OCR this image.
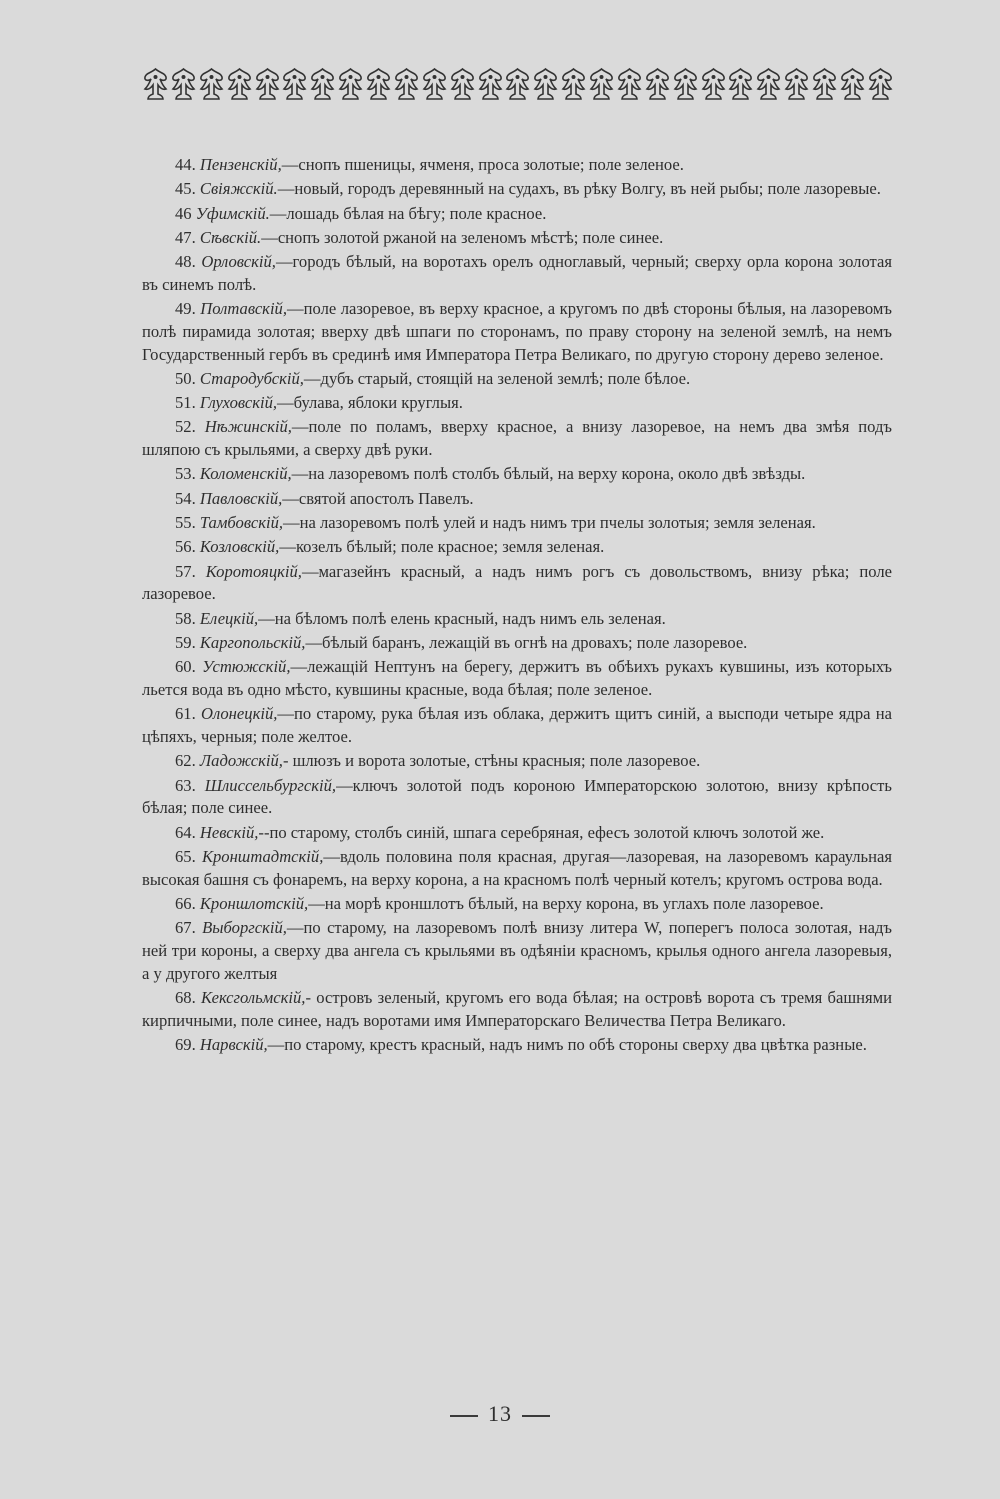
44. Пензенскій,—снопъ пшеницы, ячменя, проса золотые; поле зеленое.

45. Свіяжскій.—новый, городъ деревянный на судахъ, въ рѣку Волгу, въ ней рыбы; поле лазоревые.

46 Уфимскій.—лошадь бѣлая на бѣгу; поле красное.

47. Сѣвскій.—снопъ золотой ржаной на зеленомъ мѣстѣ; поле синее.

48. Орловскій,—городъ бѣлый, на воротахъ орелъ одноглавый, черный; сверху орла корона золотая въ синемъ полѣ.

49. Полтавскій,—поле лазоревое, въ верху красное, а кругомъ по двѣ стороны бѣлыя, на лазоревомъ полѣ пирамида золотая; вверху двѣ шпаги по сторонамъ, по праву сторону на зеленой землѣ, на немъ Государственный гербъ въ срединѣ имя Императора Петра Великаго, по другую сторону дерево зеленое.

50. Стародубскій,—дубъ старый, стоящій на зеленой землѣ; поле бѣлое.

51. Глуховскій,—булава, яблоки круглыя.

52. Нѣжинскій,—поле по поламъ, вверху красное, а внизу лазоревое, на немъ два змѣя подъ шляпою съ крыльями, а сверху двѣ руки.

53. Коломенскій,—на лазоревомъ полѣ столбъ бѣлый, на верху корона, около двѣ звѣзды.

54. Павловскій,—святой апостолъ Павелъ.

55. Тамбовскій,—на лазоревомъ полѣ улей и надъ нимъ три пчелы золотыя; земля зеленая.

56. Козловскій,—козелъ бѣлый; поле красное; земля зеленая.

57. Коротояцкій,—магазейнъ красный, а надъ нимъ рогъ съ довольствомъ, внизу рѣка; поле лазоревое.

58. Елецкій,—на бѣломъ полѣ елень красный, надъ нимъ ель зеленая.

59. Каргопольскій,—бѣлый баранъ, лежащій въ огнѣ на дровахъ; поле лазоревое.

60. Устюжскій,—лежащій Нептунъ на берегу, держитъ въ обѣихъ рукахъ кувшины, изъ которыхъ льется вода въ одно мѣсто, кувшины красные, вода бѣлая; поле зеленое.

61. Олонецкій,—по старому, рука бѣлая изъ облака, держитъ щитъ синій, а высподи четыре ядра на цѣпяхъ, черныя; поле желтое.

62. Ладожскій,- шлюзъ и ворота золотые, стѣны красныя; поле лазоревое.

63. Шлиссельбургскій,—ключъ золотой подъ короною Императорскою золотою, внизу крѣпость бѣлая; поле синее.

64. Невскій,--по старому, столбъ синій, шпага серебряная, ефесъ золотой ключъ золотой же.

65. Кронштадтскій,—вдоль половина поля красная, другая—лазоревая, на лазоревомъ караульная высокая башня съ фонаремъ, на верху корона, а на красномъ полѣ черный котелъ; кругомъ острова вода.

66. Кроншлотскій,—на морѣ кроншлотъ бѣлый, на верху корона, въ углахъ поле лазоревое.

67. Выборгскій,—по старому, на лазоревомъ полѣ внизу литера W, поперегъ полоса золотая, надъ ней три короны, а сверху два ангела съ крыльями въ одѣяніи красномъ, крылья одного ангела лазоревыя, а у другого желтыя

68. Кексгольмскій,- островъ зеленый, кругомъ его вода бѣлая; на островѣ ворота съ тремя башнями кирпичными, поле синее, надъ воротами имя Императорскаго Величества Петра Великаго.

69. Нарвскій,—по старому, крестъ красный, надъ нимъ по обѣ стороны сверху два цвѣтка разные.

13
